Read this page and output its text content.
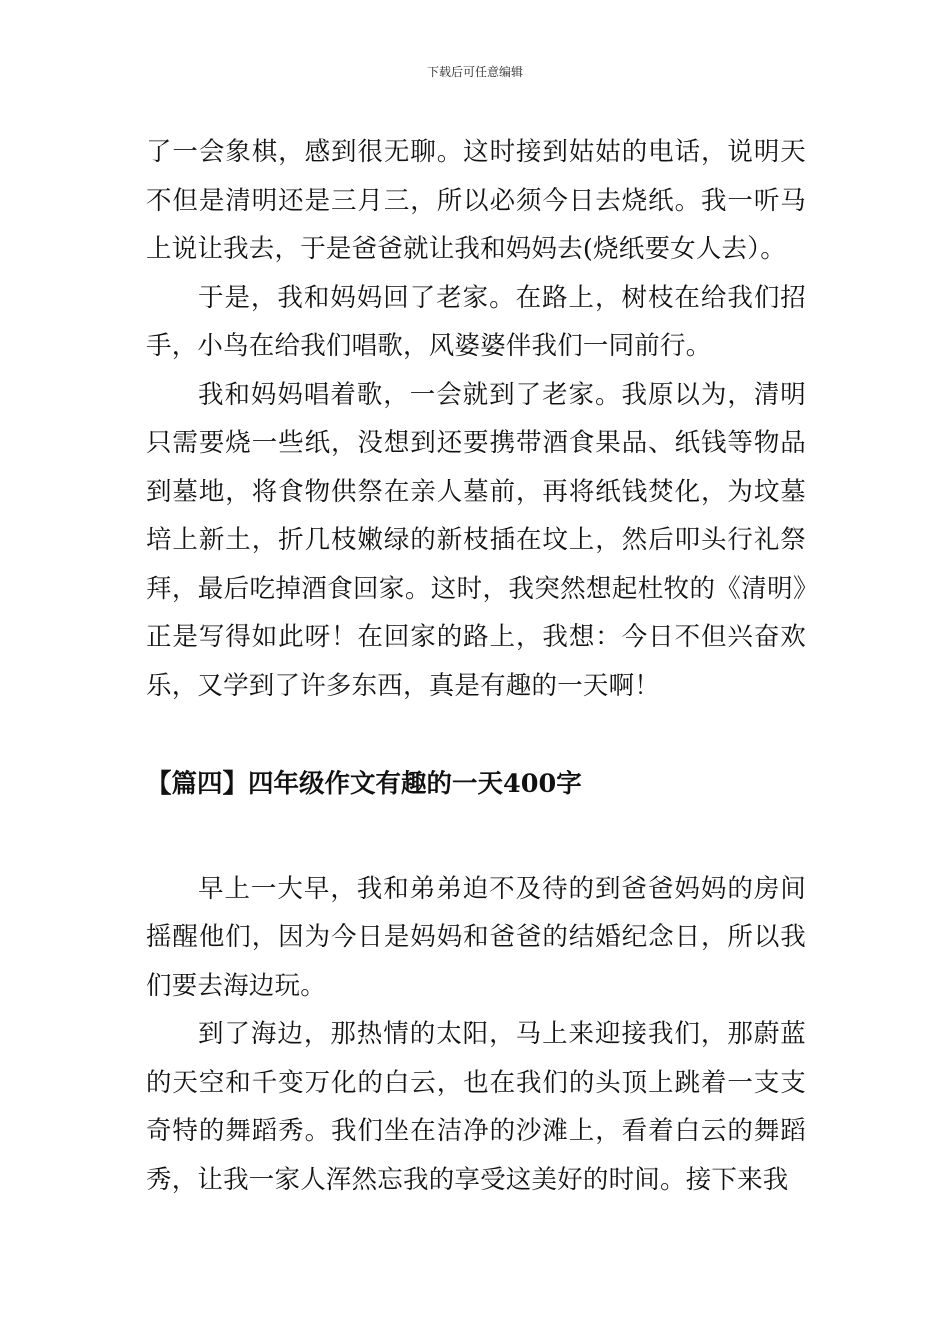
下载后可任意编辑

了一会象棋，感到很无聊。这时接到姑姑的电话，说明天不但是清明还是三月三，所以必须今日去烧纸。我一听马上说让我去，于是爸爸就让我和妈妈去(烧纸要女人去）。

于是，我和妈妈回了老家。在路上，树枝在给我们招手，小鸟在给我们唱歌，风婆婆伴我们一同前行。

我和妈妈唱着歌，一会就到了老家。我原以为，清明只需要烧一些纸，没想到还要携带酒食果品、纸钱等物品到墓地，将食物供祭在亲人墓前，再将纸钱焚化，为坟墓培上新土，折几枝嫩绿的新枝插在坟上，然后叩头行礼祭拜，最后吃掉酒食回家。这时，我突然想起杜牧的《清明》正是写得如此呀！在回家的路上，我想：今日不但兴奋欢乐，又学到了许多东西，真是有趣的一天啊！

【篇四】四年级作文有趣的一天400字

早上一大早，我和弟弟迫不及待的到爸爸妈妈的房间摇醒他们，因为今日是妈妈和爸爸的结婚纪念日，所以我们要去海边玩。

到了海边，那热情的太阳，马上来迎接我们，那蔚蓝的天空和千变万化的白云，也在我们的头顶上跳着一支支奇特的舞蹈秀。我们坐在洁净的沙滩上，看着白云的舞蹈秀，让我一家人浑然忘我的享受这美好的时间。接下来我
